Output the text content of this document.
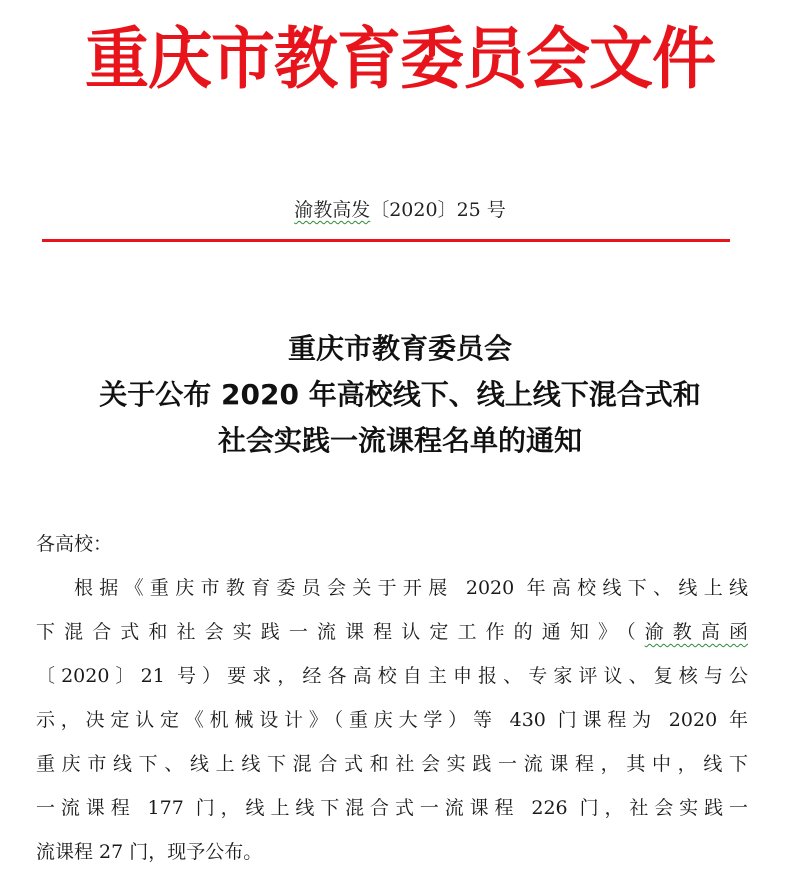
重庆市教育委员会文件
渝教高发〔2020〕25 号
重庆市教育委员会
关于公布 2020 年高校线下、线上线下混合式和
社会实践一流课程名单的通知
各高校：
根据《重庆市教育委员会关于开展 2020 年高校线下、线上线
下混合式和社会实践一流课程认定工作的通知》（渝教高函
〔2020〕21 号）要求，经各高校自主申报、专家评议、复核与公
示，决定认定《机械设计》（重庆大学）等 430 门课程为 2020 年
重庆市线下、线上线下混合式和社会实践一流课程，其中，线下
一流课程 177 门，线上线下混合式一流课程 226 门，社会实践一
流课程 27 门，现予公布。
